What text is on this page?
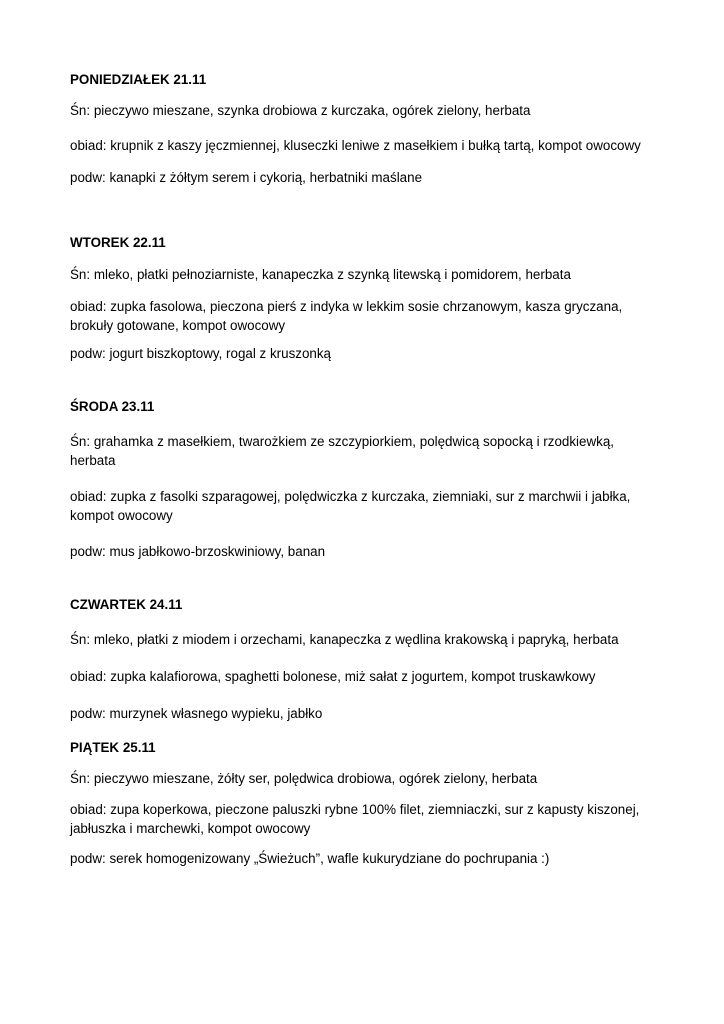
PONIEDZIAŁEK 21.11
Śn: pieczywo mieszane, szynka drobiowa z kurczaka, ogórek zielony, herbata
obiad: krupnik z kaszy jęczmiennej, kluseczki leniwe z masełkiem i bułką tartą, kompot owocowy
podw: kanapki z żółtym serem i cykorią, herbatniki maślane
WTOREK 22.11
Śn: mleko, płatki pełnoziarniste, kanapeczka z szynką litewską i pomidorem, herbata
obiad: zupka fasolowa, pieczona pierś z indyka w lekkim sosie chrzanowym, kasza gryczana, brokuły gotowane, kompot owocowy
podw: jogurt biszkoptowy, rogal z kruszonką
ŚRODA 23.11
Śn: grahamka z masełkiem, twarożkiem ze szczypiorkiem, polędwicą sopocką i rzodkiewką, herbata
obiad: zupka z fasolki szparagowej, polędwiczka z kurczaka, ziemniaki, sur z marchwii i jabłka, kompot owocowy
podw: mus jabłkowo-brzoskwiniowy, banan
CZWARTEK 24.11
Śn: mleko, płatki z miodem i orzechami, kanapeczka z wędlina krakowską i papryką, herbata
obiad: zupka kalafiorowa, spaghetti bolonese, miż sałat z jogurtem, kompot truskawkowy
podw: murzynek własnego wypieku, jabłko
PIĄTEK 25.11
Śn: pieczywo mieszane, żółty ser, polędwica drobiowa, ogórek zielony, herbata
obiad: zupa koperkowa, pieczone paluszki rybne 100% filet, ziemniaczki, sur z kapusty kiszonej, jabłuszka i marchewki, kompot owocowy
podw: serek homogenizowany „Świeżuch”, wafle kukurydziane do pochrupania :)
